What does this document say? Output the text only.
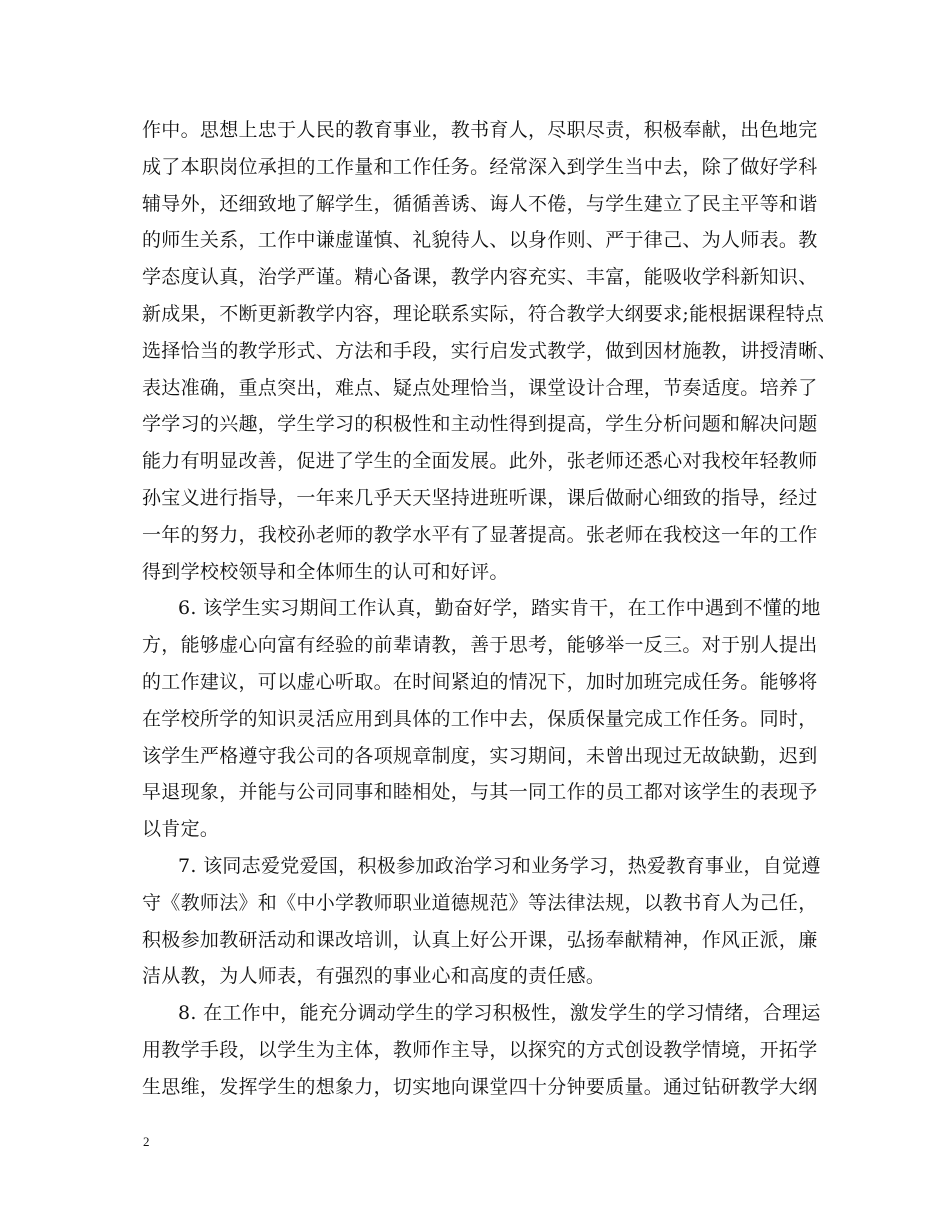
作中。思想上忠于人民的教育事业，教书育人，尽职尽责，积极奉献，出色地完
成了本职岗位承担的工作量和工作任务。经常深入到学生当中去，除了做好学科
辅导外，还细致地了解学生，循循善诱、诲人不倦，与学生建立了民主平等和谐
的师生关系，工作中谦虚谨慎、礼貌待人、以身作则、严于律己、为人师表。教
学态度认真，治学严谨。精心备课，教学内容充实、丰富，能吸收学科新知识、
新成果，不断更新教学内容，理论联系实际，符合教学大纲要求;能根据课程特点
选择恰当的教学形式、方法和手段，实行启发式教学，做到因材施教，讲授清晰、
表达准确，重点突出，难点、疑点处理恰当，课堂设计合理，节奏适度。培养了
学学习的兴趣，学生学习的积极性和主动性得到提高，学生分析问题和解决问题
能力有明显改善，促进了学生的全面发展。此外，张老师还悉心对我校年轻教师
孙宝义进行指导，一年来几乎天天坚持进班听课，课后做耐心细致的指导，经过
一年的努力，我校孙老师的教学水平有了显著提高。张老师在我校这一年的工作
得到学校校领导和全体师生的认可和好评。
6. 该学生实习期间工作认真，勤奋好学，踏实肯干，在工作中遇到不懂的地
方，能够虚心向富有经验的前辈请教，善于思考，能够举一反三。对于别人提出
的工作建议，可以虚心听取。在时间紧迫的情况下，加时加班完成任务。能够将
在学校所学的知识灵活应用到具体的工作中去，保质保量完成工作任务。同时，
该学生严格遵守我公司的各项规章制度，实习期间，未曾出现过无故缺勤，迟到
早退现象，并能与公司同事和睦相处，与其一同工作的员工都对该学生的表现予
以肯定。
7. 该同志爱党爱国，积极参加政治学习和业务学习，热爱教育事业，自觉遵
守《教师法》和《中小学教师职业道德规范》等法律法规，以教书育人为己任，
积极参加教研活动和课改培训，认真上好公开课，弘扬奉献精神，作风正派，廉
洁从教，为人师表，有强烈的事业心和高度的责任感。
8. 在工作中，能充分调动学生的学习积极性，激发学生的学习情绪，合理运
用教学手段，以学生为主体，教师作主导，以探究的方式创设教学情境，开拓学
生思维，发挥学生的想象力，切实地向课堂四十分钟要质量。通过钻研教学大纲
2
